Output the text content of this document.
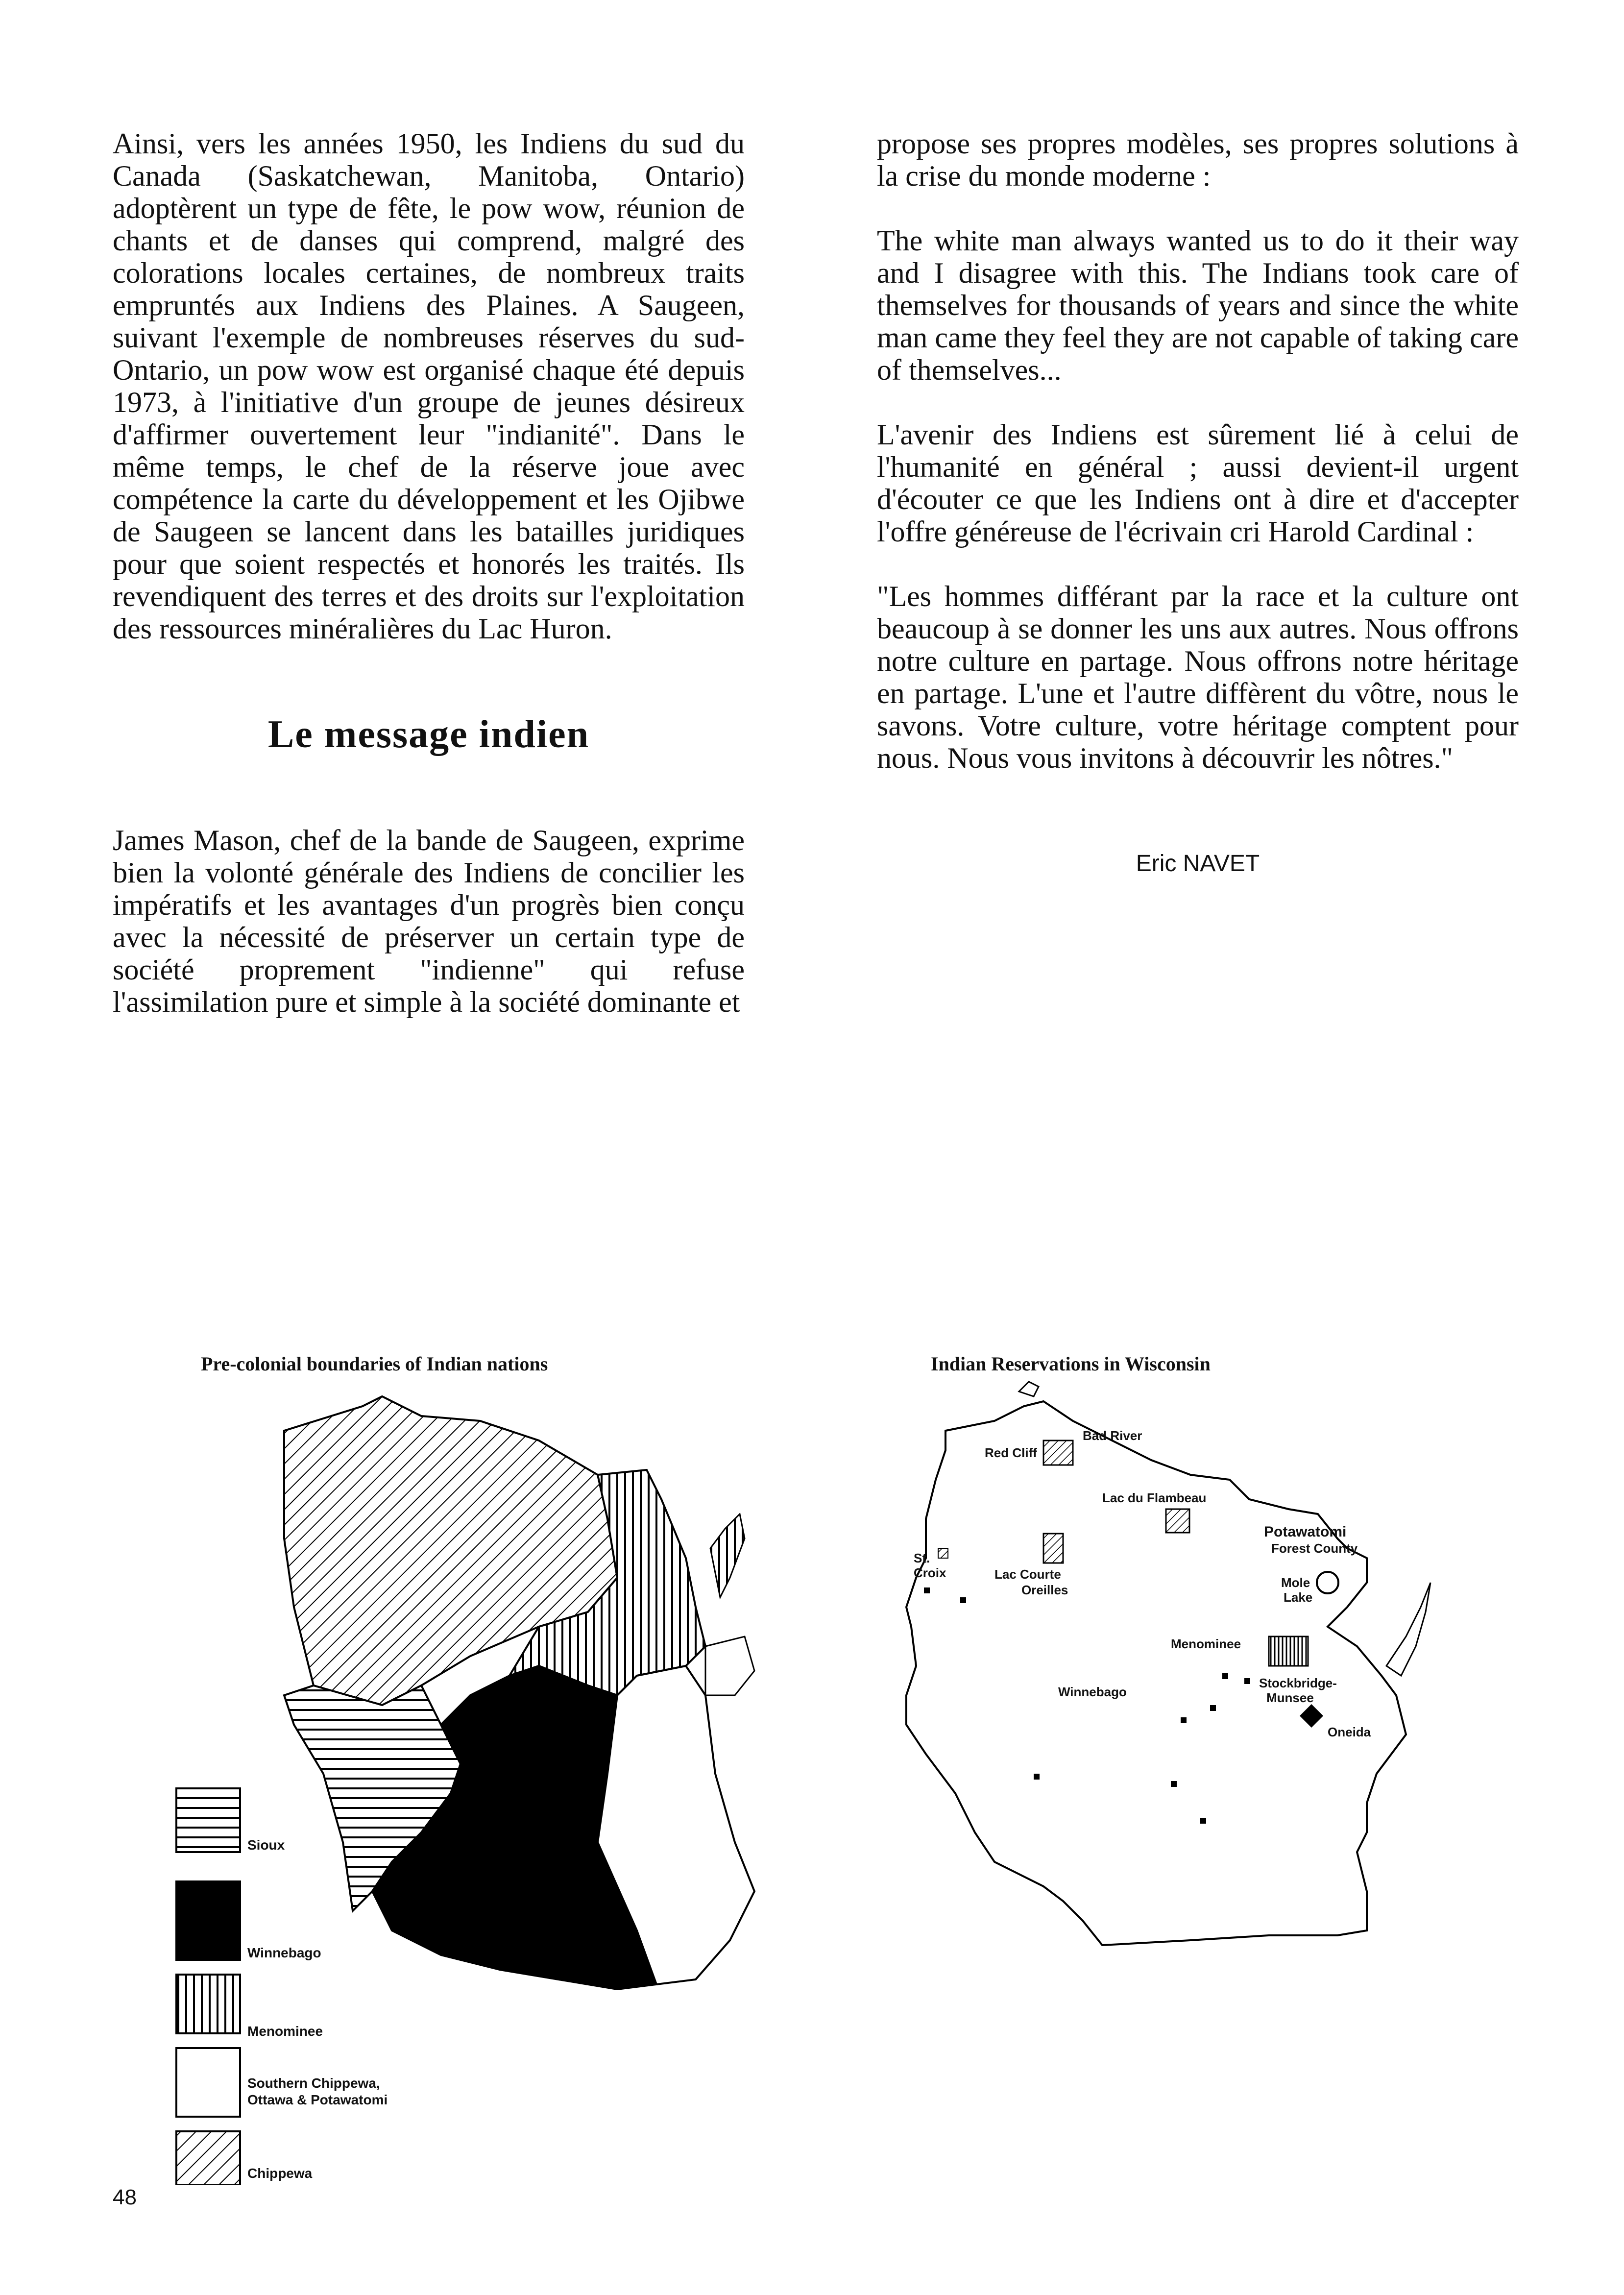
Ainsi, vers les années 1950, les Indiens du sud du Canada (Saskatchewan, Manitoba, Ontario) adoptèrent un type de fête, le pow wow, réunion de chants et de danses qui comprend, malgré des colorations locales certaines, de nombreux traits empruntés aux Indiens des Plaines. A Saugeen, suivant l'exemple de nombreuses réserves du sud-Ontario, un pow wow est organisé chaque été depuis 1973, à l'initiative d'un groupe de jeunes désireux d'affirmer ouvertement leur "indianité". Dans le même temps, le chef de la réserve joue avec compétence la carte du développement et les Ojibwe de Saugeen se lancent dans les batailles juridiques pour que soient respectés et honorés les traités. Ils revendiquent des terres et des droits sur l'exploitation des ressources minéralières du Lac Huron.

Le message indien

James Mason, chef de la bande de Saugeen, exprime bien la volonté générale des Indiens de concilier les impératifs et les avantages d'un progrès bien conçu avec la nécessité de préserver un certain type de société proprement "indienne" qui refuse l'assimilation pure et simple à la société dominante et

propose ses propres modèles, ses propres solutions à la crise du monde moderne :

The white man always wanted us to do it their way and I disagree with this. The Indians took care of themselves for thousands of years and since the white man came they feel they are not capable of taking care of themselves...

L'avenir des Indiens est sûrement lié à celui de l'humanité en général ; aussi devient-il urgent d'écouter ce que les Indiens ont à dire et d'accepter l'offre généreuse de l'écrivain cri Harold Cardinal :

"Les hommes différant par la race et la culture ont beaucoup à se donner les uns aux autres. Nous offrons notre culture en partage. Nous offrons notre héritage en partage. L'une et l'autre diffèrent du vôtre, nous le savons. Votre culture, votre héritage comptent pour nous. Nous vous invitons à découvrir les nôtres."

Eric NAVET
Pre-colonial boundaries of Indian nations
Sioux
Winnebago
Menominee
Southern Chippewa, Ottawa & Potawatomi
Chippewa
Indian Reservations in Wisconsin
Bad River
Red Cliff
Lac du Flambeau
Potawatomi
Forest County
St.
Croix	Lac Courte
Oreilles	Mole
Lake
Menominee
Stockbridge-
Munsee
Winnebago
Oneida
48
